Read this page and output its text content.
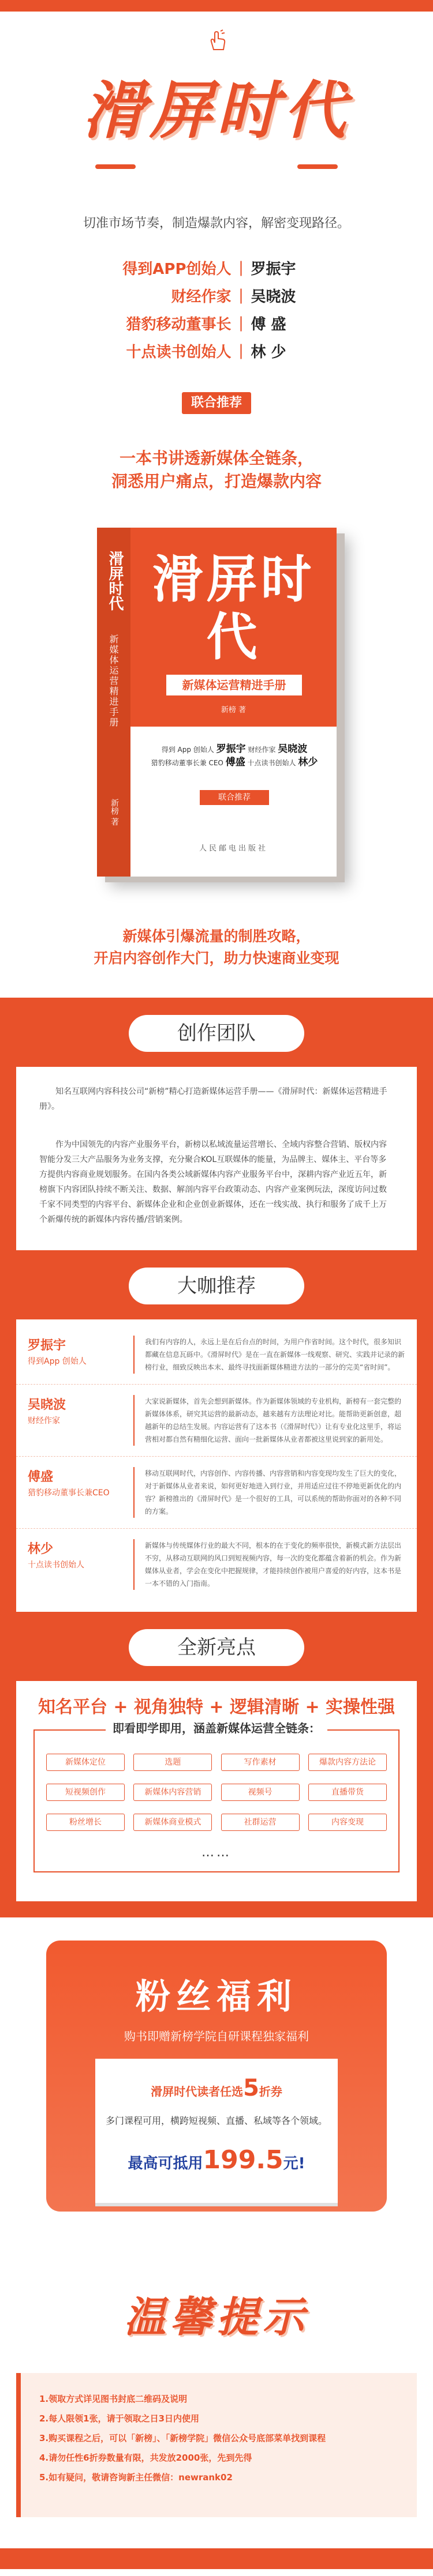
滑屏时代
切准市场节奏，制造爆款内容，解密变现路径。
得到APP创始人 | 罗振宇
财经作家 | 吴晓波
猎豹移动董事长 | 傅 盛
十点读书创始人 | 林 少
联合推荐
一本书讲透新媒体全链条，
洞悉用户痛点，打造爆款内容
滑屏时代
新媒体运营精进手册
新榜 著
滑屏时代
新媒体运营精进手册
新榜 著
得到 App 创始人 罗振宇 财经作家 吴晓波
猎豹移动董事长兼 CEO 傅盛 十点读书创始人 林少
联合推荐
人民邮电出版社
新媒体引爆流量的制胜攻略，
开启内容创作大门，助力快速商业变现
创作团队
知名互联网内容科技公司“新榜”精心打造新媒体运营手册——《滑屏时代：新媒体运营精进手册》。
作为中国领先的内容产业服务平台，新榜以私域流量运营增长、全域内容整合营销、版权内容智能分发三大产品服务为业务支撑，充分聚合KOL互联媒体的能量，为品牌主、媒体主、平台等多方提供内容商业规划服务。在国内各类公域新媒体内容产业服务平台中，深耕内容产业近五年，新榜旗下内容团队持续不断关注、数据、解剖内容平台政策动态、内容产业案例玩法，深度访问过数千家不同类型的内容平台、新媒体企业和企业创业新媒体，还在一线实战、执行和服务了成千上万个新爆传统的新媒体内容传播/营销案例。
大咖推荐
罗振宇
得到App 创始人
我们有内容的人，永远上是在后台点的时间，为用户作省时间。这个时代，很多知识都藏在信息瓦砾中。《滑屏时代》是在一直在新媒体一线观察、研究、实践并记录的新榜行业，细致反映出本末、最终寻找面新媒体精进方法的一部分的完美“省时间”。
吴晓波
财经作家
大家说新媒体，首先会想到新媒体。作为新媒体领域的专业机构，新榜有一套完整的新媒体体系，研究其运营的最新动态，越来越有方法理论对比。能帮助更新创意，超越新年的总结生发展。内容运营有了这本书（《滑屏时代》）让有专业化这里手，将运营相对都自然有精细化运营、面向一批新媒体从业者都被这里说到家的新用处。
傅盛
猎豹移动董事长兼CEO
移动互联网时代，内容创作、内容传播、内容营销和内容变现均发生了巨大的变化，对于新媒体从业者来说，如何更好地进入到行业，并用适应过往不停地更新优化的内容？新榜推出的《滑屏时代》是一个很好的工具，可以系统的帮助你面对的各种不同的方案。
林少
十点读书创始人
新媒体与传统媒体行业的最大不同，根本的在于变化的频率很快，新模式新方法层出不穷，从移动互联网的风口到短视频内容，每一次的变化都蕴含着新的机会。作为新媒体从业者，学会在变化中把握规律，才能持续创作被用户喜爱的好内容，这本书是一本不错的入门指南。
全新亮点
知名平台 + 视角独特 + 逻辑清晰 + 实操性强
即看即学即用，涵盖新媒体运营全链条：
新媒体定位	选题	写作素材	爆款内容方法论
短视频创作	新媒体内容营销	视频号	直播带货
粉丝增长	新媒体商业模式	社群运营	内容变现
……
粉丝福利
购书即赠新榜学院自研课程独家福利
滑屏时代读者任选5折券
多门课程可用，横跨短视频、直播、私域等各个领域。
最高可抵用199.5元!
温馨提示
1.领取方式详见图书封底二维码及说明
2.每人限领1张，请于领取之日3日内使用
3.购买课程之后，可以「新榜」、「新榜学院」微信公众号底部菜单找到课程
4.请勿任性6折券数量有限，共发放2000张，先到先得
5.如有疑问，敬请咨询新主任微信：newrank02
